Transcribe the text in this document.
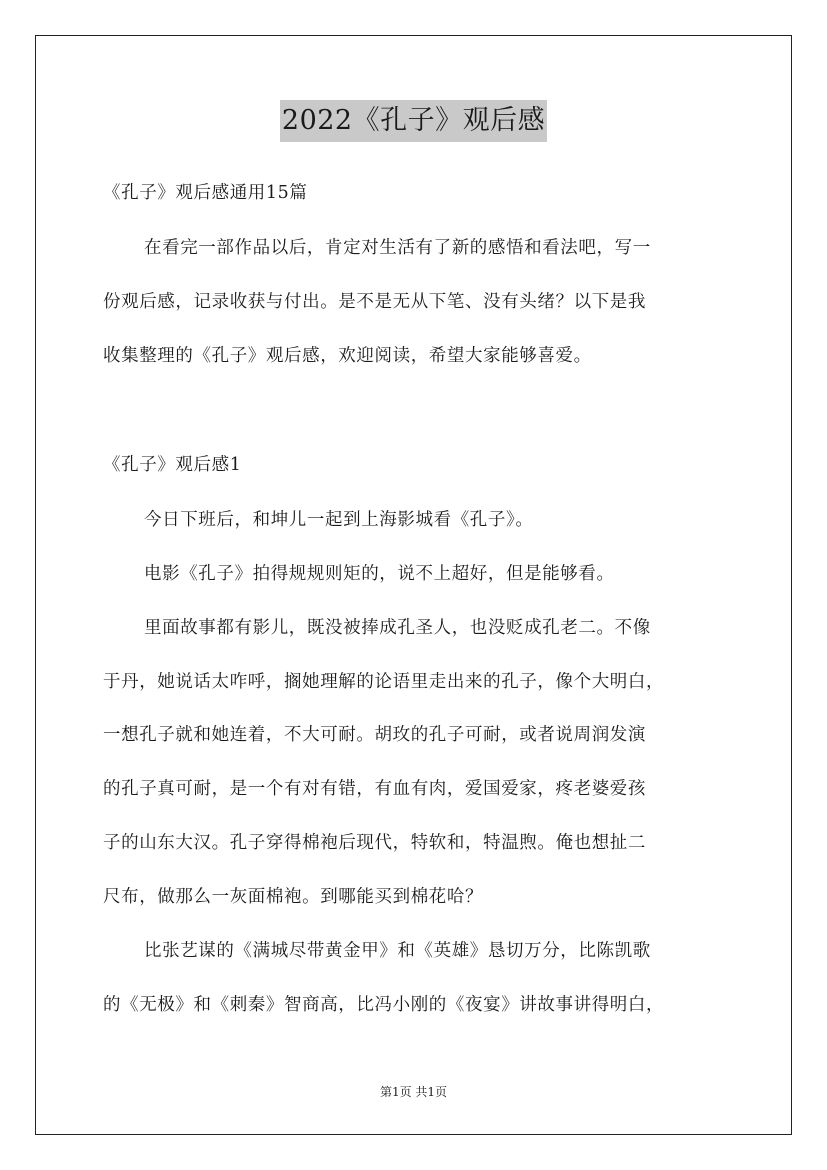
2022《孔子》观后感
《孔子》观后感通用15篇
在看完一部作品以后，肯定对生活有了新的感悟和看法吧，写一
份观后感，记录收获与付出。是不是无从下笔、没有头绪？以下是我
收集整理的《孔子》观后感，欢迎阅读，希望大家能够喜爱。
《孔子》观后感1
今日下班后，和坤儿一起到上海影城看《孔子》。
电影《孔子》拍得规规则矩的，说不上超好，但是能够看。
里面故事都有影儿，既没被捧成孔圣人，也没贬成孔老二。不像
于丹，她说话太咋呼，搁她理解的论语里走出来的孔子，像个大明白，
一想孔子就和她连着，不大可耐。胡玫的孔子可耐，或者说周润发演
的孔子真可耐，是一个有对有错，有血有肉，爱国爱家，疼老婆爱孩
子的山东大汉。孔子穿得棉袍后现代，特软和，特温煦。俺也想扯二
尺布，做那么一灰面棉袍。到哪能买到棉花哈？
比张艺谋的《满城尽带黄金甲》和《英雄》恳切万分，比陈凯歌
的《无极》和《刺秦》智商高，比冯小刚的《夜宴》讲故事讲得明白，
第1页 共1页
